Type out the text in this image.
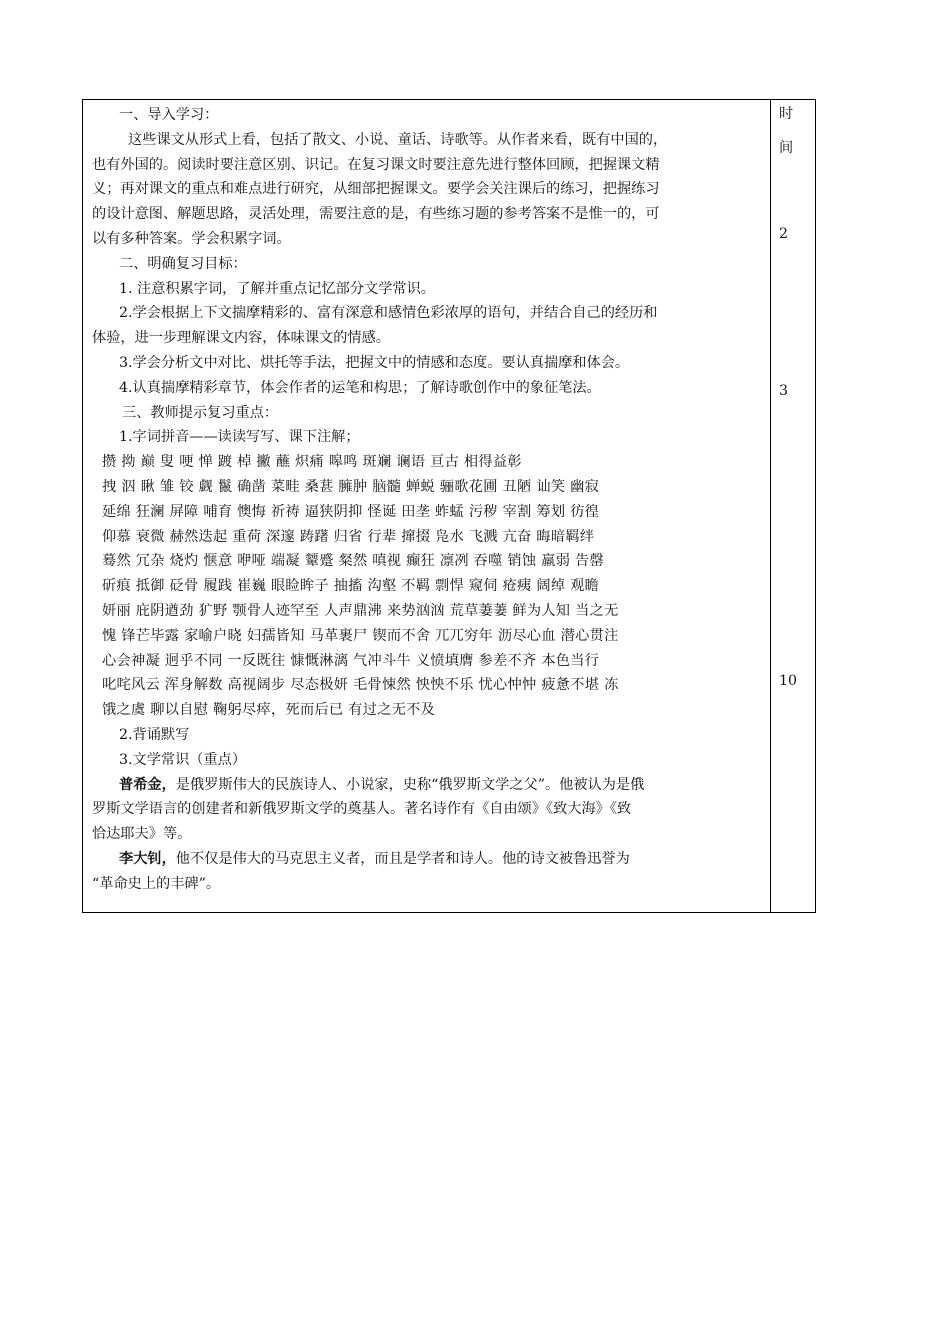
一、导入学习：
这些课文从形式上看，包括了散文、小说、童话、诗歌等。从作者来看，既有中国的，
也有外国的。阅读时要注意区别、识记。在复习课文时要注意先进行整体回顾，把握课文精
义；再对课文的重点和难点进行研究，从细部把握课文。要学会关注课后的练习，把握练习
的设计意图、解题思路，灵活处理，需要注意的是，有些练习题的参考答案不是惟一的，可
以有多种答案。学会积累字词。
二、明确复习目标：
1. 注意积累字词，了解并重点记忆部分文学常识。
2.学会根据上下文揣摩精彩的、富有深意和感情色彩浓厚的语句，并结合自己的经历和
体验，进一步理解课文内容，体味课文的情感。
3.学会分析文中对比、烘托等手法，把握文中的情感和态度。要认真揣摩和体会。
4.认真揣摩精彩章节，体会作者的运笔和构思；了解诗歌创作中的象征笔法。
三、教师提示复习重点：
1.字词拼音——读读写写、课下注解；
攒 拗 巅 叟 哽 惮 踱 棹 撇 蘸 炽痛 嗥鸣 斑斓 谰语 亘古 相得益彰
拽 泅 瞅 雏 铰 觑 鬣 确凿 菜畦 桑葚 臃肿 脑髓 蝉蜕 骊歌花圃 丑陋 讪笑 幽寂
延绵 狂澜 屏障 哺育 懊悔 祈祷 逼狭阴抑 怪诞 田垄 蚱蜢 污秽 宰割 筹划 彷徨
仰慕 衰微 赫然迭起 重荷 深邃 踌躇 归省 行辈 撺掇 凫水 飞溅 亢奋 晦暗羁绊
蓦然 冗杂 烧灼 惬意 咿哑 端凝 颦蹙 粲然 嗔视 癫狂 凛冽 吞噬 销蚀 羸弱 告罄
斫痕 抵御 砭骨 履践 崔巍 眼睑眸子 抽搐 沟壑 不羁 剽悍 窥伺 疮痍 阔绰 观瞻
妍丽 庇阴遒劲 犷野 颚骨人迹罕至 人声鼎沸 来势汹汹 荒草萋萋 鲜为人知 当之无
愧 锋芒毕露 家喻户晓 妇孺皆知 马革裹尸 锲而不舍 兀兀穷年 沥尽心血 潜心贯注
心会神凝 迥乎不同 一反既往 慷慨淋漓 气冲斗牛 义愤填膺 参差不齐 本色当行
叱咤风云 浑身解数 高视阔步 尽态极妍 毛骨悚然 怏怏不乐 忧心忡忡 疲惫不堪 冻
饿之虞 聊以自慰 鞠躬尽瘁，死而后已 有过之无不及
2.背诵默写
3.文学常识（重点）
普希金，是俄罗斯伟大的民族诗人、小说家，史称“俄罗斯文学之父”。他被认为是俄
罗斯文学语言的创建者和新俄罗斯文学的奠基人。著名诗作有《自由颂》《致大海》《致
恰达耶夫》等。
李大钊，他不仅是伟大的马克思主义者，而且是学者和诗人。他的诗文被鲁迅誉为
“革命史上的丰碑”。
时
间
2
3
10
